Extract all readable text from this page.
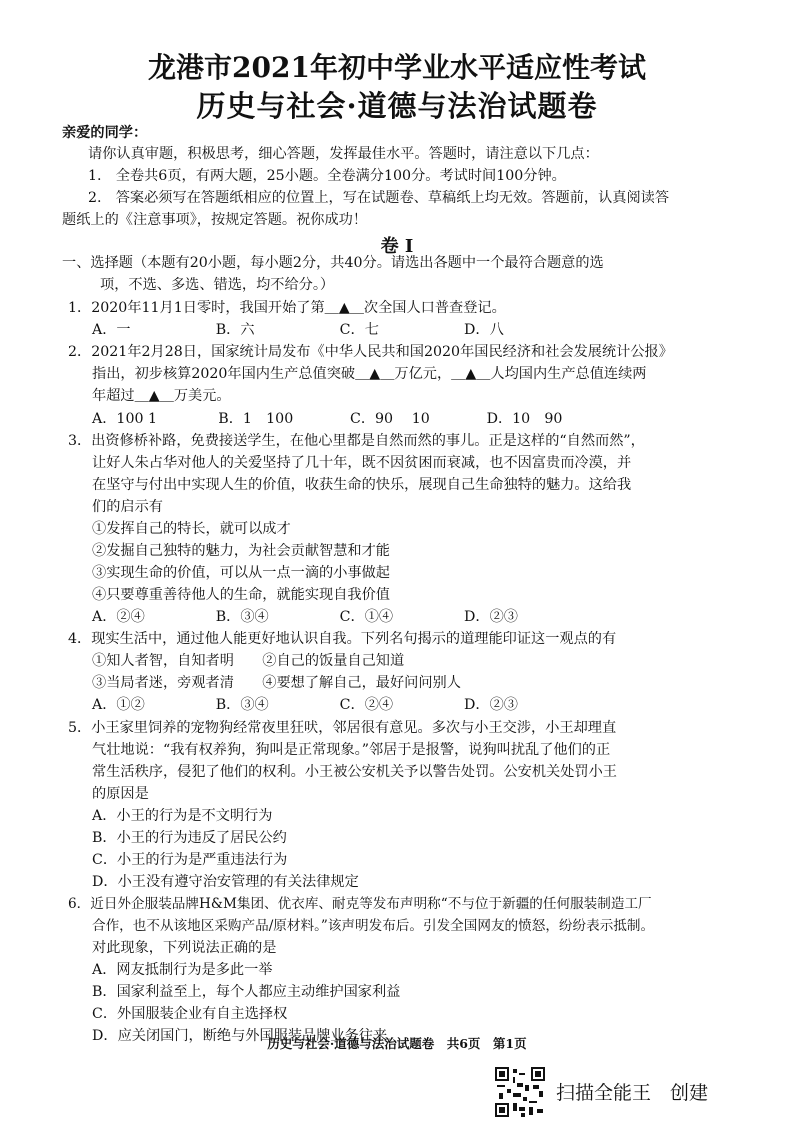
龙港市2021年初中学业水平适应性考试
历史与社会·道德与法治试题卷
亲爱的同学：
请你认真审题，积极思考，细心答题，发挥最佳水平。答题时，请注意以下几点：
1.　全卷共6页，有两大题，25小题。全卷满分100分。考试时间100分钟。
2.　答案必须写在答题纸相应的位置上，写在试题卷、草稿纸上均无效。答题前，认真阅读答
题纸上的《注意事项》，按规定答题。祝你成功！
卷 Ⅰ
一、选择题（本题有20小题，每小题2分，共40分。请选出各题中一个最符合题意的选
项，不选、多选、错选，均不给分。）
1．2020年11月1日零时，我国开始了第＿▲＿次全国人口普查登记。
A．一　　　　　　B．六　　　　　　C．七　　　　　　D．八
2．2021年2月28日，国家统计局发布《中华人民共和国2020年国民经济和社会发展统计公报》
指出，初步核算2020年国内生产总值突破＿▲＿万亿元，＿▲＿人均国内生产总值连续两
年超过＿▲＿万美元。
A．100 1　　　　 B．1　100　　　　C．90　 10　　　　D．10　90
3．出资修桥补路，免费接送学生，在他心里都是自然而然的事儿。正是这样的“自然而然”，
让好人朱占华对他人的关爱坚持了几十年，既不因贫困而衰减，也不因富贵而冷漠，并
在坚守与付出中实现人生的价值，收获生命的快乐，展现自己生命独特的魅力。这给我
们的启示有
①发挥自己的特长，就可以成才
②发掘自己独特的魅力，为社会贡献智慧和才能
③实现生命的价值，可以从一点一滴的小事做起
④只要尊重善待他人的生命，就能实现自我价值
A．②④　　　　　B．③④　　　　　C．①④　　　　　D．②③
4．现实生活中，通过他人能更好地认识自我。下列名句揭示的道理能印证这一观点的有
①知人者智，自知者明　　②自己的饭量自己知道
③当局者迷，旁观者清　　④要想了解自己，最好问问别人
A．①②　　　　　B．③④　　　　　C．②④　　　　　D．②③
5．小王家里饲养的宠物狗经常夜里狂吠，邻居很有意见。多次与小王交涉，小王却理直
气壮地说：“我有权养狗，狗叫是正常现象。”邻居于是报警，说狗叫扰乱了他们的正
常生活秩序，侵犯了他们的权利。小王被公安机关予以警告处罚。公安机关处罚小王
的原因是
A．小王的行为是不文明行为
B．小王的行为违反了居民公约
C．小王的行为是严重违法行为
D．小王没有遵守治安管理的有关法律规定
6．近日外企服装品牌H&M集团、优衣库、耐克等发布声明称“不与位于新疆的任何服装制造工厂
合作，也不从该地区采购产品/原材料。”该声明发布后。引发全国网友的愤怒，纷纷表示抵制。
对此现象，下列说法正确的是
A．网友抵制行为是多此一举
B．国家利益至上，每个人都应主动维护国家利益
C．外国服装企业有自主选择权
D．应关闭国门，断绝与外国服装品牌业务往来
历史与社会·道德与法治试题卷　共6页　第1页
扫描全能王　创建
